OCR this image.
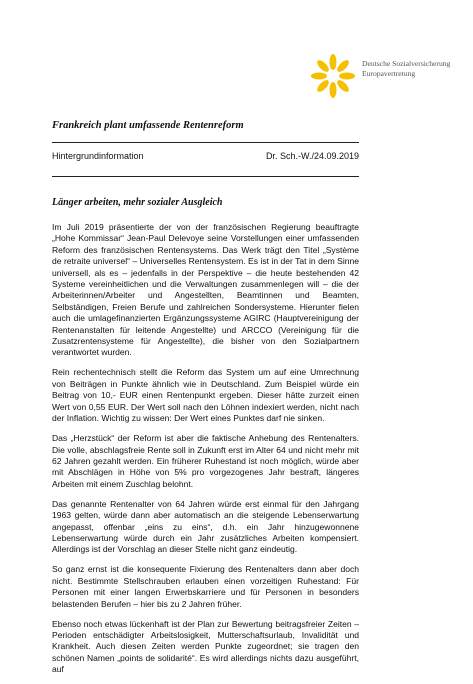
Deutsche Sozialversicherung
Europavertretung
Frankreich plant umfassende Rentenreform
Hintergrundinformation	Dr. Sch.-W./24.09.2019
Länger arbeiten, mehr sozialer Ausgleich

Im Juli 2019 präsentierte der von der französischen Regierung beauftragte „Hohe Kommissar“ Jean-Paul Delevoye seine Vorstellungen einer umfassenden Reform des französischen Rentensystems. Das Werk trägt den Titel „Système de retraite universel“ – Universelles Rentensystem. Es ist in der Tat in dem Sinne universell, als es – jedenfalls in der Perspektive – die heute bestehenden 42 Systeme vereinheitlichen und die Verwaltungen zusammenlegen will – die der Arbeiterinnen/Arbeiter und Angestellten, Beamtinnen und Beamten, Selbständigen, Freien Berufe und zahlreichen Sondersysteme. Hierunter fielen auch die umlagefinanzierten Ergänzungssysteme AGIRC (Hauptvereinigung der Rentenanstalten für leitende Angestellte) und ARCCO (Vereinigung für die Zusatzrentensysteme für Angestellte), die bisher von den Sozialpartnern verantwortet wurden.

Rein rechentechnisch stellt die Reform das System um auf eine Umrechnung von Beiträgen in Punkte ähnlich wie in Deutschland. Zum Beispiel würde ein Beitrag von 10,- EUR einen Rentenpunkt ergeben. Dieser hätte zurzeit einen Wert von 0,55 EUR. Der Wert soll nach den Löhnen indexiert werden, nicht nach der Inflation. Wichtig zu wissen: Der Wert eines Punktes darf nie sinken.

Das „Herzstück“ der Reform ist aber die faktische Anhebung des Rentenalters. Die volle, abschlagsfreie Rente soll in Zukunft erst im Alter 64 und nicht mehr mit 62 Jahren gezahlt werden. Ein früherer Ruhestand ist noch möglich, würde aber mit Abschlägen in Höhe von 5% pro vorgezogenes Jahr bestraft, längeres Arbeiten mit einem Zuschlag belohnt.

Das genannte Rentenalter von 64 Jahren würde erst einmal für den Jahrgang 1963 gelten, würde dann aber automatisch an die steigende Lebenserwartung angepasst, offenbar „eins zu eins“, d.h. ein Jahr hinzugewonnene Lebenserwartung würde durch ein Jahr zusätzliches Arbeiten kompensiert. Allerdings ist der Vorschlag an dieser Stelle nicht ganz eindeutig.

So ganz ernst ist die konsequente Fixierung des Rentenalters dann aber doch nicht. Bestimmte Stellschrauben erlauben einen vorzeitigen Ruhestand: Für Personen mit einer langen Erwerbskarriere und für Personen in besonders belastenden Berufen – hier bis zu 2 Jahren früher.

Ebenso noch etwas lückenhaft ist der Plan zur Bewertung beitragsfreier Zeiten – Perioden entschädigter Arbeitslosigkeit, Mutterschaftsurlaub, Invalidität und Krankheit. Auch diesen Zeiten werden Punkte zugeordnet; sie tragen den schönen Namen „points de solidarité“. Es wird allerdings nichts dazu ausgeführt, auf
